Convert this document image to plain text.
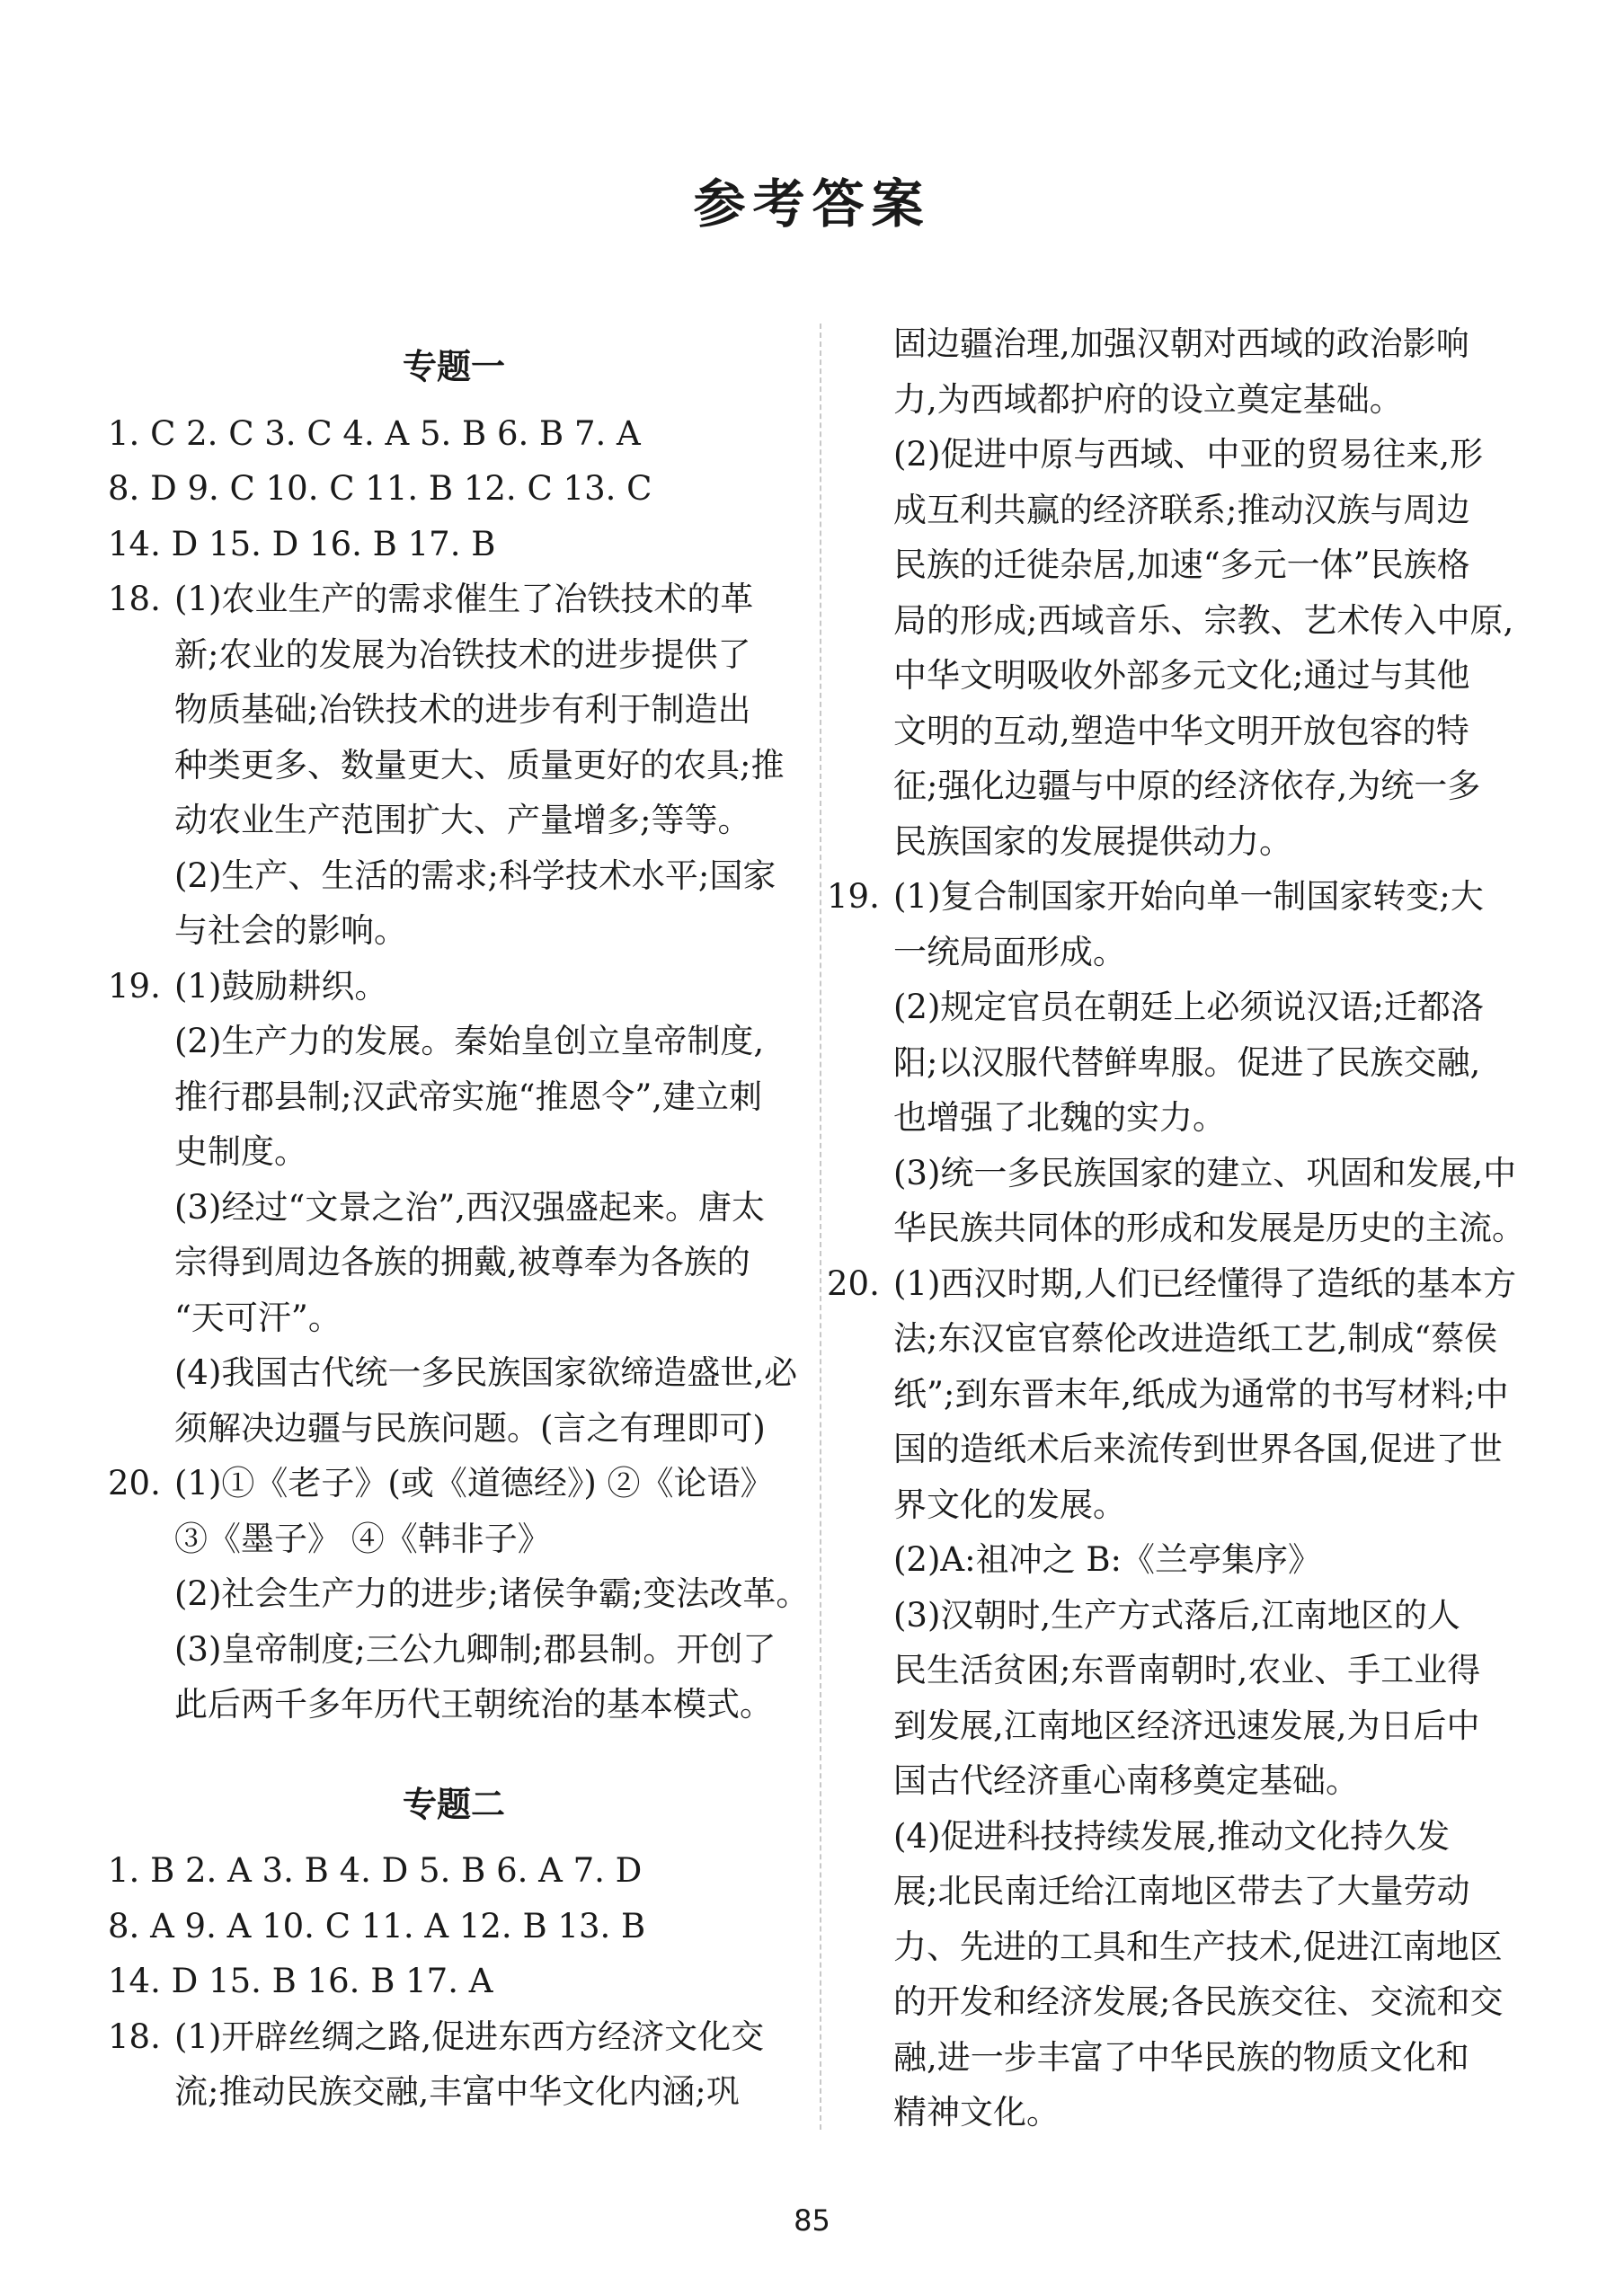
参考答案
专题一
1. C 2. C 3. C 4. A 5. B 6. B 7. A
8. D 9. C 10. C 11. B 12. C 13. C
14. D 15. D 16. B 17. B
18. (1)农业生产的需求催生了冶铁技术的革
新;农业的发展为冶铁技术的进步提供了
物质基础;冶铁技术的进步有利于制造出
种类更多、数量更大、质量更好的农具;推
动农业生产范围扩大、产量增多;等等。
(2)生产、生活的需求;科学技术水平;国家
与社会的影响。
19. (1)鼓励耕织。
(2)生产力的发展。秦始皇创立皇帝制度,
推行郡县制;汉武帝实施“推恩令”,建立刺
史制度。
(3)经过“文景之治”,西汉强盛起来。唐太
宗得到周边各族的拥戴,被尊奉为各族的
“天可汗”。
(4)我国古代统一多民族国家欲缔造盛世,必
须解决边疆与民族问题。(言之有理即可)
20. (1)①《老子》(或《道德经》) ②《论语》
③《墨子》 ④《韩非子》
(2)社会生产力的进步;诸侯争霸;变法改革。
(3)皇帝制度;三公九卿制;郡县制。开创了
此后两千多年历代王朝统治的基本模式。
专题二
1. B 2. A 3. B 4. D 5. B 6. A 7. D
8. A 9. A 10. C 11. A 12. B 13. B
14. D 15. B 16. B 17. A
18. (1)开辟丝绸之路,促进东西方经济文化交
流;推动民族交融,丰富中华文化内涵;巩
固边疆治理,加强汉朝对西域的政治影响
力,为西域都护府的设立奠定基础。
(2)促进中原与西域、中亚的贸易往来,形
成互利共赢的经济联系;推动汉族与周边
民族的迁徙杂居,加速“多元一体”民族格
局的形成;西域音乐、宗教、艺术传入中原,
中华文明吸收外部多元文化;通过与其他
文明的互动,塑造中华文明开放包容的特
征;强化边疆与中原的经济依存,为统一多
民族国家的发展提供动力。
19. (1)复合制国家开始向单一制国家转变;大
一统局面形成。
(2)规定官员在朝廷上必须说汉语;迁都洛
阳;以汉服代替鲜卑服。促进了民族交融,
也增强了北魏的实力。
(3)统一多民族国家的建立、巩固和发展,中
华民族共同体的形成和发展是历史的主流。
20. (1)西汉时期,人们已经懂得了造纸的基本方
法;东汉宦官蔡伦改进造纸工艺,制成“蔡侯
纸”;到东晋末年,纸成为通常的书写材料;中
国的造纸术后来流传到世界各国,促进了世
界文化的发展。
(2)A:祖冲之 B:《兰亭集序》
(3)汉朝时,生产方式落后,江南地区的人
民生活贫困;东晋南朝时,农业、手工业得
到发展,江南地区经济迅速发展,为日后中
国古代经济重心南移奠定基础。
(4)促进科技持续发展,推动文化持久发
展;北民南迁给江南地区带去了大量劳动
力、先进的工具和生产技术,促进江南地区
的开发和经济发展;各民族交往、交流和交
融,进一步丰富了中华民族的物质文化和
精神文化。
85
